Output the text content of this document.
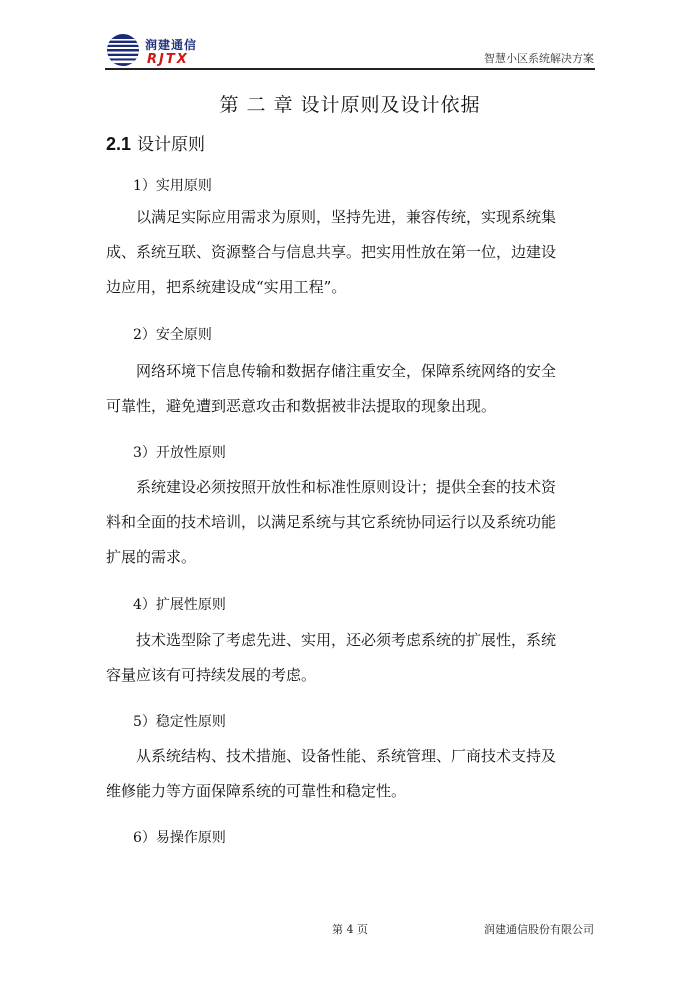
润建通信
RJTX	智慧小区系统解决方案
第 二 章 设计原则及设计依据
2.1 设计原则
1）实用原则
以满足实际应用需求为原则，坚持先进，兼容传统，实现系统集
成、系统互联、资源整合与信息共享。把实用性放在第一位，边建设
边应用，把系统建设成“实用工程”。
2）安全原则
网络环境下信息传输和数据存储注重安全，保障系统网络的安全
可靠性，避免遭到恶意攻击和数据被非法提取的现象出现。
3）开放性原则
系统建设必须按照开放性和标准性原则设计；提供全套的技术资
料和全面的技术培训，以满足系统与其它系统协同运行以及系统功能
扩展的需求。
4）扩展性原则
技术选型除了考虑先进、实用，还必须考虑系统的扩展性，系统
容量应该有可持续发展的考虑。
5）稳定性原则
从系统结构、技术措施、设备性能、系统管理、厂商技术支持及
维修能力等方面保障系统的可靠性和稳定性。
6）易操作原则
第 4 页	润建通信股份有限公司
